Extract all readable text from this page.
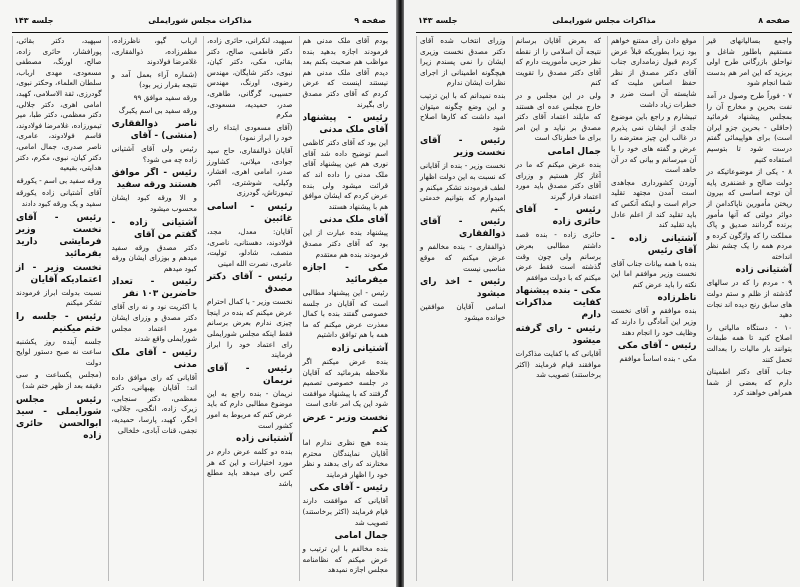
صفحه ۹
مذاکرات مجلس شورایملی
جلسه ۱۴۳

بودم آقای ملک مدنی هم فرمودند اجازه بدهید بنده مواظب هم صحبت بکنم بعد دیدم آقای ملک مدنی هم نیستند اینست که عرض کردم که آقای دکتر مصدق رای بگیرند

رئیس - پیشنهاد آقای ملک مدنی

این بود که آقای دکتر کاظمی اسم توضیح داده شد آقای نوری هم عین پیشنهاد آقای ملک مدنی را داده اند که قرائت میشود ولی بنده عرض کردم که ایشان موافق هم با پیشنهاد هستند

آقای ملک مدنی

پیشنهاد بنده عبارت از این بود که آقای دکتر مصدق فرمودند بنده هم معتقدم

مکی - اجازه میفرمائید

رئیس - این پیشنهاد مطالبی است که آقایان در جلسه خصوصی گفتند بنده با کمال معذرت عرض میکنم که ما همه با هم توافق داشتیم

آشتیانی زاده

بنده عرض میکنم اگر ملاحظه بفرمائید که آقایان در جلسه خصوصی تصمیم گرفتند که با پیشنهاد موافقت شود این یک امر عادی است

نخست وزیر - عرض کنم

بنده هیچ نظری ندارم اما آقایان نمایندگان محترم مختارند که رای بدهند و نظر خود را اظهار فرمایند

رئیس - آقای مکی

آقایانی که موافقت دارند قیام فرمایند (اکثر برخاستند) تصویب شد

جمال امامی

بنده مخالفم با این ترتیب و عرض میکنم که نظامنامه مجلس اجازه نمیدهد

سپهبد، لنکرانی، حائری زاده، دکتر فاطمی، صالح، دکتر بقائی، مکی، دکتر کیان، نبوی، دکتر شایگان، مهندس رضوی، اورنگ، مهندس حسیبی، گرگانی، طاهری، صدر، حمیدیه، مسعودی، مکرم

(آقای مسعودی ابتداء رای خود را ابراز نمود)

آقایان ذوالفقاری، حاج سید جوادی، میلانی، کشاورز صدر، امامی اهری، افشار، وکیلی، شوشتری، اکبر، تیمورتاش، گودرزی

رئیس - اسامی غائبین

آقایان: معدل، مجد، فولادوند، دهستانی، ناصری، منصف، شادلو، تولیت، عامری، نصرت الله امینی

رئیس - آقای دکتر مصدق

نخست وزیر - با کمال احترام عرض میکنم که بنده در اینجا چیزی ندارم بعرض برسانم فقط اینکه مجلس شورایملی رای اعتماد خود را ابراز فرمایند

رئیس - آقای نریمان

نریمان - بنده راجع به این موضوع مطالبی دارم که باید عرض کنم که مربوط به امور کشور است

آشتیانی زاده

بنده دو کلمه عرض دارم در مورد اختیارات و این که هر کس رای میدهد باید مطلع باشد

ارباب گیو، ناظرزاده، مظفرزاده، ذوالفقاری، غلامرضا فولادوند

(شماره آراء بعمل آمد و نتیجه بقرار زیر بود)

ورقه سفید موافق ۹۹

ورقه سفید بی اسم یکبرگ

ناصر ذوالفقاری (منشی) - آقای

رئیس ولی آقای آشتیانی زاده چه می شود؟

رئیس - اگر موافق هستند ورقه سفید

و الا ورقه کبود ایشان محسوب میشود

آشتیانی زاده - گفتم من آقای

دکتر مصدق ورقه سفید میدهم و بوزرای ایشان ورقه کبود میدهم

رئیس - تعداد حاضرین ۱۰۳ نفر

با اکثریت نود و نه رای آقای دکتر مصدق و وزرای ایشان مورد اعتماد مجلس شورایملی واقع شدند

رئیس - آقای ملک مدنی

آقایانی که رای موافق داده اند: آقایان بهبهانی، دکتر معظمی، دکتر سنجابی، زیرک زاده، انگجی، جلالی، اخگر، کهبد، پارسا، حمیدیه، نجفی، قنات آبادی، خلخالی

سپهبد، دکتر بقائی، پورافشار، حائری زاده، صالح، اورنگ، مصطفی مسعودی، مهدی ارباب، سلطان العلماء، وحکتر نبوی، گودرزی، ثقة الاسلامی، کهبد، امامی اهری، دکتر جلالی، دکتر معظمی، دکتر طبا، میر تیمورزاده، غلامرضا فولادوند، قاسم فولادوند، عامری، ناصر صدری، جمال امامی، دکتر کیان، نبوی، مکرم، دکتر هدایتی، بقیعیه

ورقه سفید بی اسم - یکورقه

آقای آشتیانی زاده یکورقه سفید و یک ورقه کبود دادند

رئیس - آقای نخست وزیر فرمایشی دارید بفرمائید

نخست وزیر - از اعتمادیکه آقایان

نسبت بدولت ابراز فرمودند تشکر میکنم

رئیس - جلسه را ختم میکنیم

جلسه آینده روز یکشنبه ساعت نه صبح دستور لوایح دولت

(مجلس یکساعت و سی دقیقه بعد از ظهر ختم شد)

رئیس مجلس شورایملی - سید ابوالحسن حائری زاده

صفحه ۸
مذاکرات مجلس شورایملی
جلسه ۱۴۳

واجمع بسالیانهای قیر مستقیم باطلور شاغل و نواحلق بازرگانی طرح اولی بربزید که این امر هم بدست شما انجام شود

۷ - فوراً طرح وصول در آمد نفت بحرین و مخارج آن را بمجلس پیشنهاد فرمائید (حاقلی - بحرین جزو ایران است) برای هواپیمائی گفتم درست شود تا بتوسیم استفاده کنیم

۸ - یکی از موضوعاتیکه در دولت صالح و غضنفری پایه آن توجه اساسی که بیرون ریختن مأمورین ناپاکدامن از دوائر دولتی که آنها مأمور برنده گردانند صدیق و پاک مملکت را که واژگون کرده و مردم همه را یک چشم نظر انداخته

آشتیانی زاده

۹ - مردم را که در سالهای گذشته از ظلم و ستم دولت های سابق رنج دیده اند نجات دهید

۱۰ - دستگاه مالیاتی را اصلاح کنید تا همه طبقات بتوانند بار مالیات را بعدالت تحمل کنند

جناب آقای دکتر اطمینان دارم که بعضی از شما همراهی خواهند کرد

موقع دادن رأی ممتنع خواهم بود زیرا بطوریکه قبلاً عرض کردم قبول زمامداری جناب آقای دکتر مصدق از نظر حفظ اساس ملیت که شایسته آن است ضرر و خطرات زیاد داشت

تبیشارم و راجع باین موضوع جلدی از ایشان نمی پذیرم در غالب این چیز معترضه را عرض و گفته های خود را با آن میرسانم و بیانی که در آن خاهد است

آوردن کشورداری مجاهدی است آمدن مجتهد تقلید حرام است و اینکه آنکس که باید تقلید کند از اعلم عادل باید تقلید کند

آشتیانی زاده - آقای رئیس

بنده با همه بیانات جناب آقای نخست وزیر موافقم اما این نکته را باید عرض کنم

ناظرزاده

بنده موافقم و آقای نخست وزیر این آمادگی را دارند که وظایف خود را انجام دهند

رئیس - آقای مکی

مکی - بنده اساساً موافقم

که بعرض آقایان برسانم نتیجه آن اسلامی را از نقطه نظر حزبی مأموریت دارم که آقای دکتر مصدق را تقویت کنم

ولی در این مجلس و در خارج مجلس عده ای هستند که مایلند اعتماد آقای دکتر مصدق بر نیاید و این امر برای ما خطرناک است

جمال امامی

بنده عرض میکنم که ما در آغاز کار هستیم و وزرای آقای دکتر مصدق باید مورد اعتماد قرار گیرند

رئیس - آقای حائری زاده

حائری زاده - بنده قصد داشتم مطالبی بعرض برسانم ولی چون وقت گذشته است فقط عرض میکنم که با دولت موافقم

مکی - بنده پیشنهاد کفایت مذاکرات دارم

رئیس - رای گرفته میشود

آقایانی که با کفایت مذاکرات موافقند قیام فرمایند (اکثر برخاستند) تصویب شد

وزرای انتخاب شده آقای دکتر مصدق نخست وزیری ایشان را نمی پسندم زیرا هیچگونه اطمینانی از اجرای نظرات ایشان ندارم

بنده نمیدانم که با این ترتیب و این وضع چگونه میتوان امید داشت که کارها اصلاح شود

رئیس - آقای نخست وزیر

نخست وزیر - بنده از آقایانی که نسبت به این دولت اظهار لطف فرمودند تشکر میکنم و امیدوارم که بتوانیم خدمتی بکنیم

رئیس - آقای ذوالفقاری

ذوالفقاری - بنده مخالفم و عرض میکنم که موقع مناسبی نیست

رئیس - اخذ رای میشود

اسامی آقایان موافقین خوانده میشود
